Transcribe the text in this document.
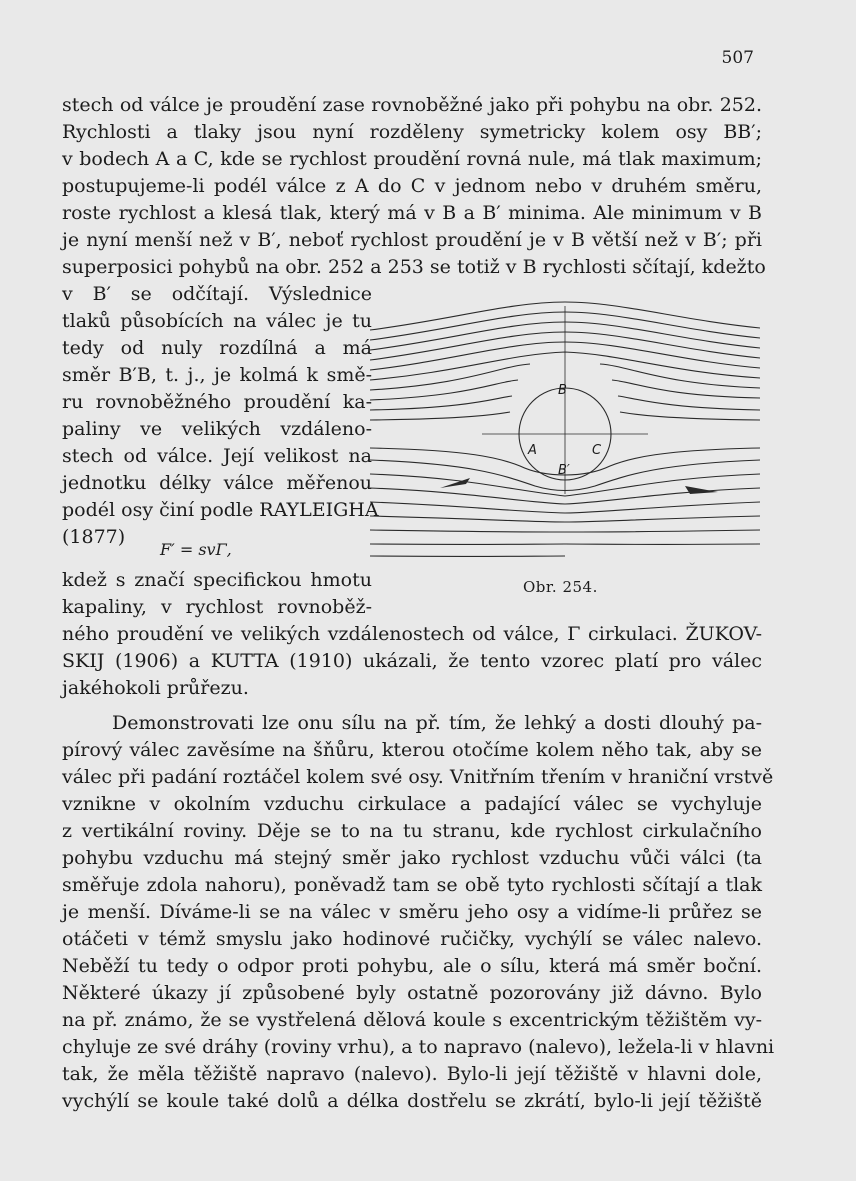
507
stech od válce je proudění zase rovnoběžné jako při pohybu na obr. 252.
Rychlosti a tlaky jsou nyní rozděleny symetricky kolem osy BB′;
v bodech A a C, kde se rychlost proudění rovná nule, má tlak maximum;
postupujeme-li podél válce z A do C v jednom nebo v druhém směru,
roste rychlost a klesá tlak, který má v B a B′ minima. Ale minimum v B
je nyní menší než v B′, neboť rychlost proudění je v B větší než v B′; při
superposici pohybů na obr. 252 a 253 se totiž v B rychlosti sčítají, kdežto
v B′ se odčítají. Výslednice
tlaků působících na válec je tu
tedy od nuly rozdílná a má
směr B′B, t. j., je kolmá k smě-
ru rovnoběžného proudění ka-
paliny ve velikých vzdáleno-
stech od válce. Její velikost na
jednotku délky válce měřenou
podél osy činí podle RAYLEIGHA
(1877)
F′ = svΓ,
kdež s značí specifickou hmotu
kapaliny, v rychlost rovnoběž-
Obr. 254.
ného proudění ve velikých vzdálenostech od válce, Γ cirkulaci. ŽUKOV-
SKIJ (1906) a KUTTA (1910) ukázali, že tento vzorec platí pro válec
jakéhokoli průřezu.
Demonstrovati lze onu sílu na př. tím, že lehký a dosti dlouhý pa-
pírový válec zavěsíme na šňůru, kterou otočíme kolem něho tak, aby se
válec při padání roztáčel kolem své osy. Vnitřním třením v hraniční vrstvě
vznikne v okolním vzduchu cirkulace a padající válec se vychyluje
z vertikální roviny. Děje se to na tu stranu, kde rychlost cirkulačního
pohybu vzduchu má stejný směr jako rychlost vzduchu vůči válci (ta
směřuje zdola nahoru), poněvadž tam se obě tyto rychlosti sčítají a tlak
je menší. Díváme-li se na válec v směru jeho osy a vidíme-li průřez se
otáčeti v témž smyslu jako hodinové ručičky, vychýlí se válec nalevo.
Neběží tu tedy o odpor proti pohybu, ale o sílu, která má směr boční.
Některé úkazy jí způsobené byly ostatně pozorovány již dávno. Bylo
na př. známo, že se vystřelená dělová koule s excentrickým těžištěm vy-
chyluje ze své dráhy (roviny vrhu), a to napravo (nalevo), ležela-li v hlavni
tak, že měla těžiště napravo (nalevo). Bylo-li její těžiště v hlavni dole,
vychýlí se koule také dolů a délka dostřelu se zkrátí, bylo-li její těžiště
B
B′
A	C
